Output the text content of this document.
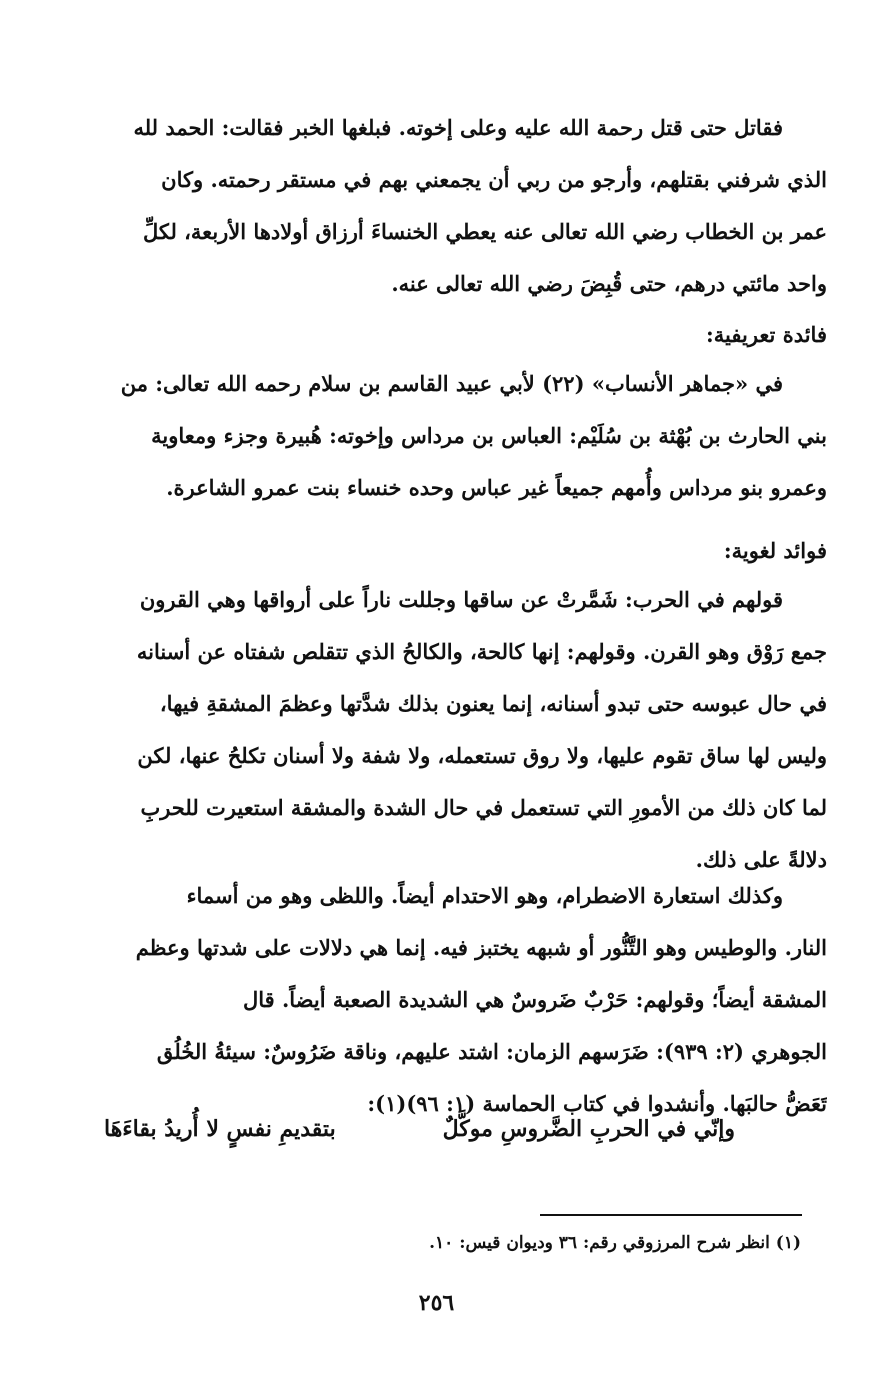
فقاتل حتى قتل رحمة الله عليه وعلى إخوته. فبلغها الخبر فقالت: الحمد لله
الذي شرفني بقتلهم، وأرجو من ربي أن يجمعني بهم في مستقر رحمته. وكان
عمر بن الخطاب رضي الله تعالى عنه يعطي الخنساءَ أرزاق أولادها الأربعة، لكلِّ
واحد مائتي درهم، حتى قُبِضَ رضي الله تعالى عنه.
فائدة تعريفية:
في «جماهر الأنساب» (٢٢) لأبي عبيد القاسم بن سلام رحمه الله تعالى: من
بني الحارث بن بُهْثة بن سُلَيْم: العباس بن مرداس وإخوته: هُبيرة وجزء ومعاوية
وعمرو بنو مرداس وأُمهم جميعاً غير عباس وحده خنساء بنت عمرو الشاعرة.
فوائد لغوية:
قولهم في الحرب: شَمَّرتْ عن ساقها وجللت ناراً على أرواقها وهي القرون
جمع رَوْق وهو القرن. وقولهم: إنها كالحة، والكالحُ الذي تتقلص شفتاه عن أسنانه
في حال عبوسه حتى تبدو أسنانه، إنما يعنون بذلك شدَّتها وعظمَ المشقةِ فيها،
وليس لها ساق تقوم عليها، ولا روق تستعمله، ولا شفة ولا أسنان تكلحُ عنها، لكن
لما كان ذلك من الأمورِ التي تستعمل في حال الشدة والمشقة استعيرت للحربِ
دلالةً على ذلك.
وكذلك استعارة الاضطرام، وهو الاحتدام أيضاً. واللظى وهو من أسماء
النار. والوطيس وهو التَّنُّور أو شبهه يختبز فيه. إنما هي دلالات على شدتها وعظم
المشقة أيضاً؛ وقولهم: حَرْبٌ ضَروسٌ هي الشديدة الصعبة أيضاً. قال
الجوهري (٢: ٩٣٩): ضَرَسهم الزمان: اشتد عليهم، وناقة ضَرُوسٌ: سيئةُ الخُلُق
تَعَضُّ حالبَها. وأنشدوا في كتاب الحماسة (١: ٩٦)(١):
وإنّي في الحربِ الضَّروسِ موكَّلٌ
بتقديمِ نفسٍ لا أُريدُ بقاءَهَا
(١) انظر شرح المرزوقي رقم: ٣٦ وديوان قيس: ١٠.
٢٥٦
